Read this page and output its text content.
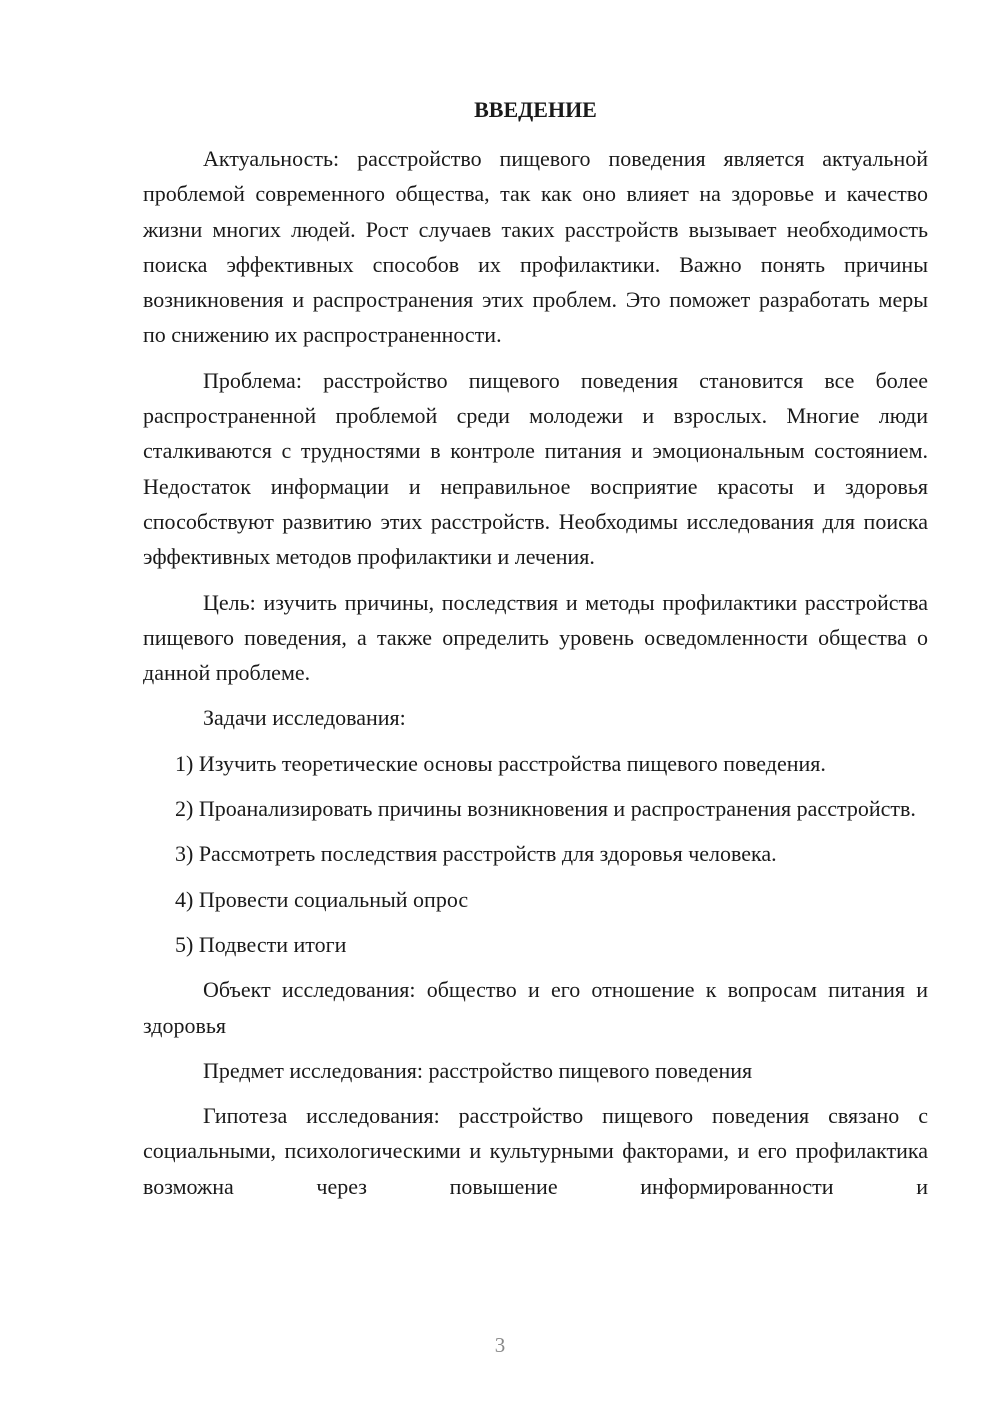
ВВЕДЕНИЕ

Актуальность: расстройство пищевого поведения является актуальной проблемой современного общества, так как оно влияет на здоровье и качество жизни многих людей. Рост случаев таких расстройств вызывает необходимость поиска эффективных способов их профилактики. Важно понять причины возникновения и распространения этих проблем. Это поможет разработать меры по снижению их распространенности.

Проблема: расстройство пищевого поведения становится все более распространенной проблемой среди молодежи и взрослых. Многие люди сталкиваются с трудностями в контроле питания и эмоциональным состоянием. Недостаток информации и неправильное восприятие красоты и здоровья способствуют развитию этих расстройств. Необходимы исследования для поиска эффективных методов профилактики и лечения.

Цель: изучить причины, последствия и методы профилактики расстройства пищевого поведения, а также определить уровень осведомленности общества о данной проблеме.

Задачи исследования:

1) Изучить теоретические основы расстройства пищевого поведения.

2) Проанализировать причины возникновения и распространения расстройств.

3) Рассмотреть последствия расстройств для здоровья человека.

4) Провести социальный опрос

5) Подвести итоги

Объект исследования: общество и его отношение к вопросам питания и здоровья

Предмет исследования: расстройство пищевого поведения

Гипотеза исследования: расстройство пищевого поведения связано с социальными, психологическими и культурными факторами, и его профилактика возможна через повышение информированности и

3
